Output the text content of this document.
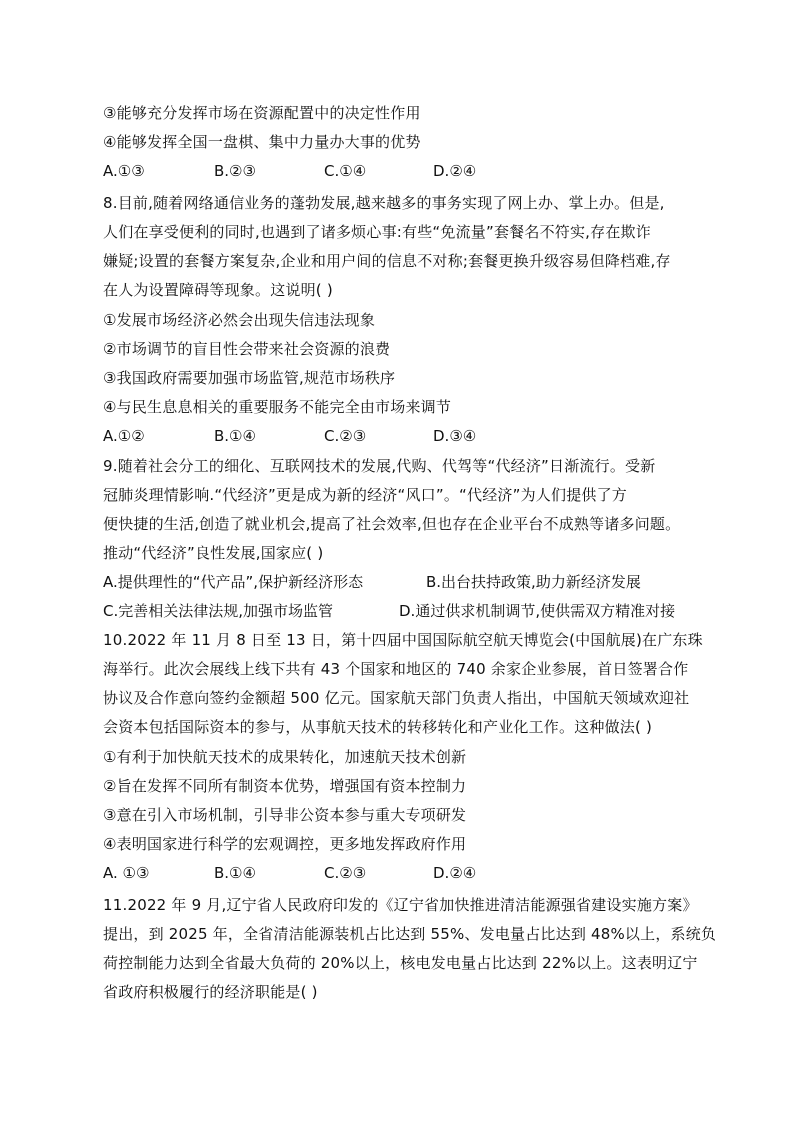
③能够充分发挥市场在资源配置中的决定性作用
④能够发挥全国一盘棋、集中力量办大事的优势
A.①③	B.②③	C.①④	D.②④
8.目前,随着网络通信业务的蓬勃发展,越来越多的事务实现了网上办、掌上办。但是,
人们在享受便利的同时,也遇到了诸多烦心事:有些“免流量”套餐名不符实,存在欺诈
嫌疑;设置的套餐方案复杂,企业和用户间的信息不对称;套餐更换升级容易但降档难,存
在人为设置障碍等现象。这说明( )
①发展市场经济必然会出现失信违法现象
②市场调节的盲目性会带来社会资源的浪费
③我国政府需要加强市场监管,规范市场秩序
④与民生息息相关的重要服务不能完全由市场来调节
A.①②	B.①④	C.②③	D.③④
9.随着社会分工的细化、互联网技术的发展,代购、代驾等“代经济”日渐流行。受新
冠肺炎理情影响.“代经济”更是成为新的经济“风口”。“代经济”为人们提供了方
便快捷的生活,创造了就业机会,提高了社会效率,但也存在企业平台不成熟等诸多问题。
推动“代经济”良性发展,国家应( )
A.提供理性的“代产品”,保护新经济形态	B.出台扶持政策,助力新经济发展
C.完善相关法律法规,加强市场监管	D.通过供求机制调节,使供需双方精准对接
10.2022 年 11 月 8 日至 13 日，第十四届中国国际航空航天博览会(中国航展)在广东珠
海举行。此次会展线上线下共有 43 个国家和地区的 740 余家企业参展，首日签署合作
协议及合作意向签约金额超 500 亿元。国家航天部门负责人指出，中国航天领域欢迎社
会资本包括国际资本的参与，从事航天技术的转移转化和产业化工作。这种做法( )
①有利于加快航天技术的成果转化，加速航天技术创新
②旨在发挥不同所有制资本优势，增强国有资本控制力
③意在引入市场机制，引导非公资本参与重大专项研发
④表明国家进行科学的宏观调控，更多地发挥政府作用
A. ①③	B.①④	C.②③	D.②④
11.2022 年 9 月,辽宁省人民政府印发的《辽宁省加快推进清洁能源强省建设实施方案》
提出，到 2025 年，全省清洁能源装机占比达到 55%、发电量占比达到 48%以上，系统负
荷控制能力达到全省最大负荷的 20%以上，核电发电量占比达到 22%以上。这表明辽宁
省政府积极履行的经济职能是( )
